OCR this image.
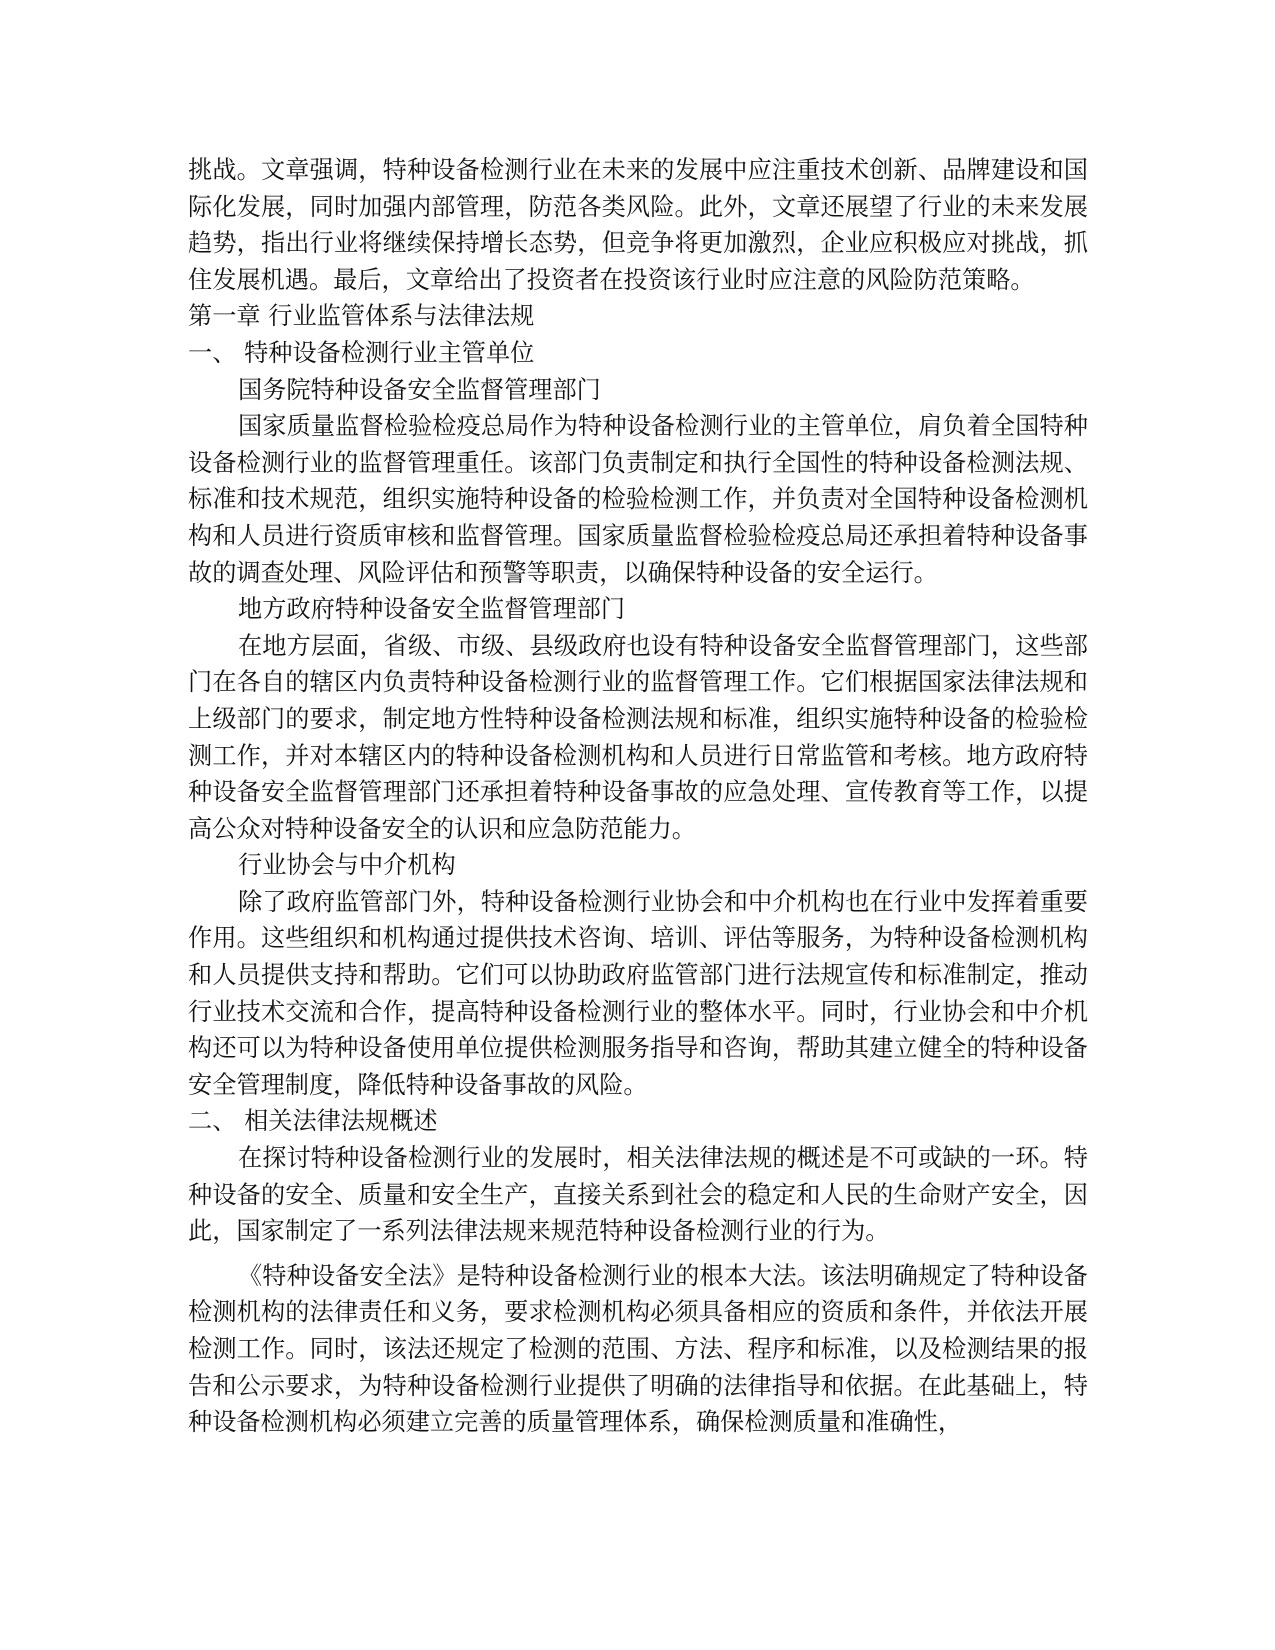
挑战。文章强调，特种设备检测行业在未来的发展中应注重技术创新、品牌建设和国际化发展，同时加强内部管理，防范各类风险。此外，文章还展望了行业的未来发展趋势，指出行业将继续保持增长态势，但竞争将更加激烈，企业应积极应对挑战，抓住发展机遇。最后，文章给出了投资者在投资该行业时应注意的风险防范策略。

第一章 行业监管体系与法律法规

一、 特种设备检测行业主管单位

国务院特种设备安全监督管理部门

国家质量监督检验检疫总局作为特种设备检测行业的主管单位，肩负着全国特种设备检测行业的监督管理重任。该部门负责制定和执行全国性的特种设备检测法规、标准和技术规范，组织实施特种设备的检验检测工作，并负责对全国特种设备检测机构和人员进行资质审核和监督管理。国家质量监督检验检疫总局还承担着特种设备事故的调查处理、风险评估和预警等职责，以确保特种设备的安全运行。

地方政府特种设备安全监督管理部门

在地方层面，省级、市级、县级政府也设有特种设备安全监督管理部门，这些部门在各自的辖区内负责特种设备检测行业的监督管理工作。它们根据国家法律法规和上级部门的要求，制定地方性特种设备检测法规和标准，组织实施特种设备的检验检测工作，并对本辖区内的特种设备检测机构和人员进行日常监管和考核。地方政府特种设备安全监督管理部门还承担着特种设备事故的应急处理、宣传教育等工作，以提高公众对特种设备安全的认识和应急防范能力。

行业协会与中介机构

除了政府监管部门外，特种设备检测行业协会和中介机构也在行业中发挥着重要作用。这些组织和机构通过提供技术咨询、培训、评估等服务，为特种设备检测机构和人员提供支持和帮助。它们可以协助政府监管部门进行法规宣传和标准制定，推动行业技术交流和合作，提高特种设备检测行业的整体水平。同时，行业协会和中介机构还可以为特种设备使用单位提供检测服务指导和咨询，帮助其建立健全的特种设备安全管理制度，降低特种设备事故的风险。

二、 相关法律法规概述

在探讨特种设备检测行业的发展时，相关法律法规的概述是不可或缺的一环。特种设备的安全、质量和安全生产，直接关系到社会的稳定和人民的生命财产安全，因此，国家制定了一系列法律法规来规范特种设备检测行业的行为。

《特种设备安全法》是特种设备检测行业的根本大法。该法明确规定了特种设备检测机构的法律责任和义务，要求检测机构必须具备相应的资质和条件，并依法开展检测工作。同时，该法还规定了检测的范围、方法、程序和标准，以及检测结果的报告和公示要求，为特种设备检测行业提供了明确的法律指导和依据。在此基础上，特种设备检测机构必须建立完善的质量管理体系，确保检测质量和准确性，
